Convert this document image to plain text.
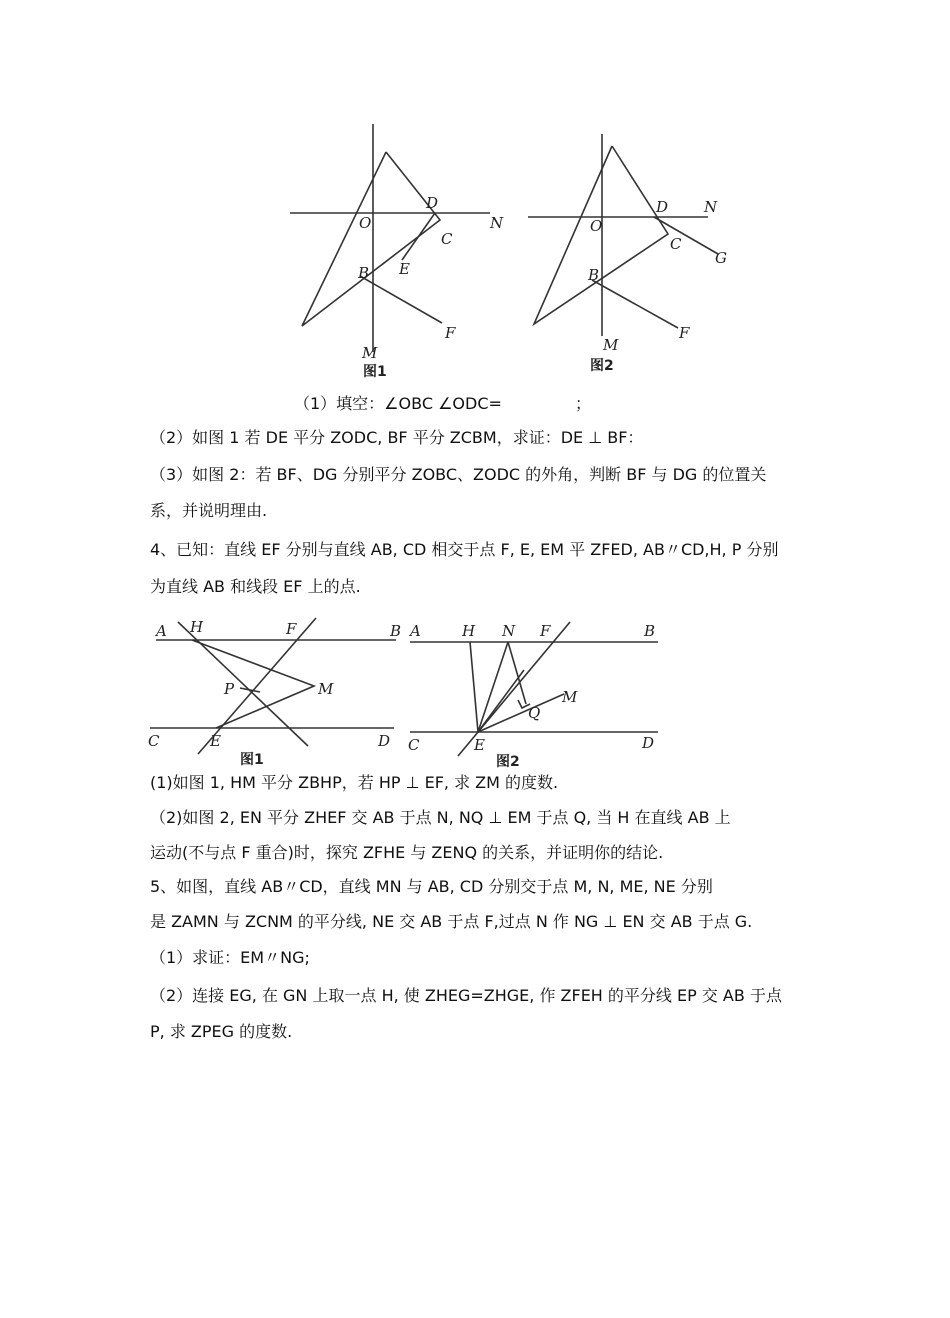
O
D
N
C
E
B
F
M
图1
O
D N
C
G
B
F
M
图2
（1）填空：∠OBC ∠ODC=	；
（2）如图 1 若 DE 平分 ZODC, BF 平分 ZCBM，求证：DE ⊥ BF：
（3）如图 2：若 BF、DG 分别平分 ZOBC、ZODC 的外角，判断 BF 与 DG 的位置关
系，并说明理由.
4、已知：直线 EF 分别与直线 AB, CD 相交于点 F, E, EM 平 ZFED, AB〃CD,H, P 分别
为直线 AB 和线段 EF 上的点.
A H	F	B
P	M
C	E	D
图1
A	H N F	B
M
Q
C	E	D
图2
(1)如图 1, HM 平分 ZBHP，若 HP ⊥ EF, 求 ZM 的度数.
（2)如图 2, EN 平分 ZHEF 交 AB 于点 N, NQ ⊥ EM 于点 Q, 当 H 在直线 AB 上
运动(不与点 F 重合)时，探究 ZFHE 与 ZENQ 的关系，并证明你的结论.
5、如图，直线 AB〃CD，直线 MN 与 AB, CD 分别交于点 M, N, ME, NE 分别
是 ZAMN 与 ZCNM 的平分线, NE 交 AB 于点 F,过点 N 作 NG ⊥ EN 交 AB 于点 G.
（1）求证：EM〃NG;
（2）连接 EG, 在 GN 上取一点 H, 使 ZHEG=ZHGE, 作 ZFEH 的平分线 EP 交 AB 于点
P, 求 ZPEG 的度数.
